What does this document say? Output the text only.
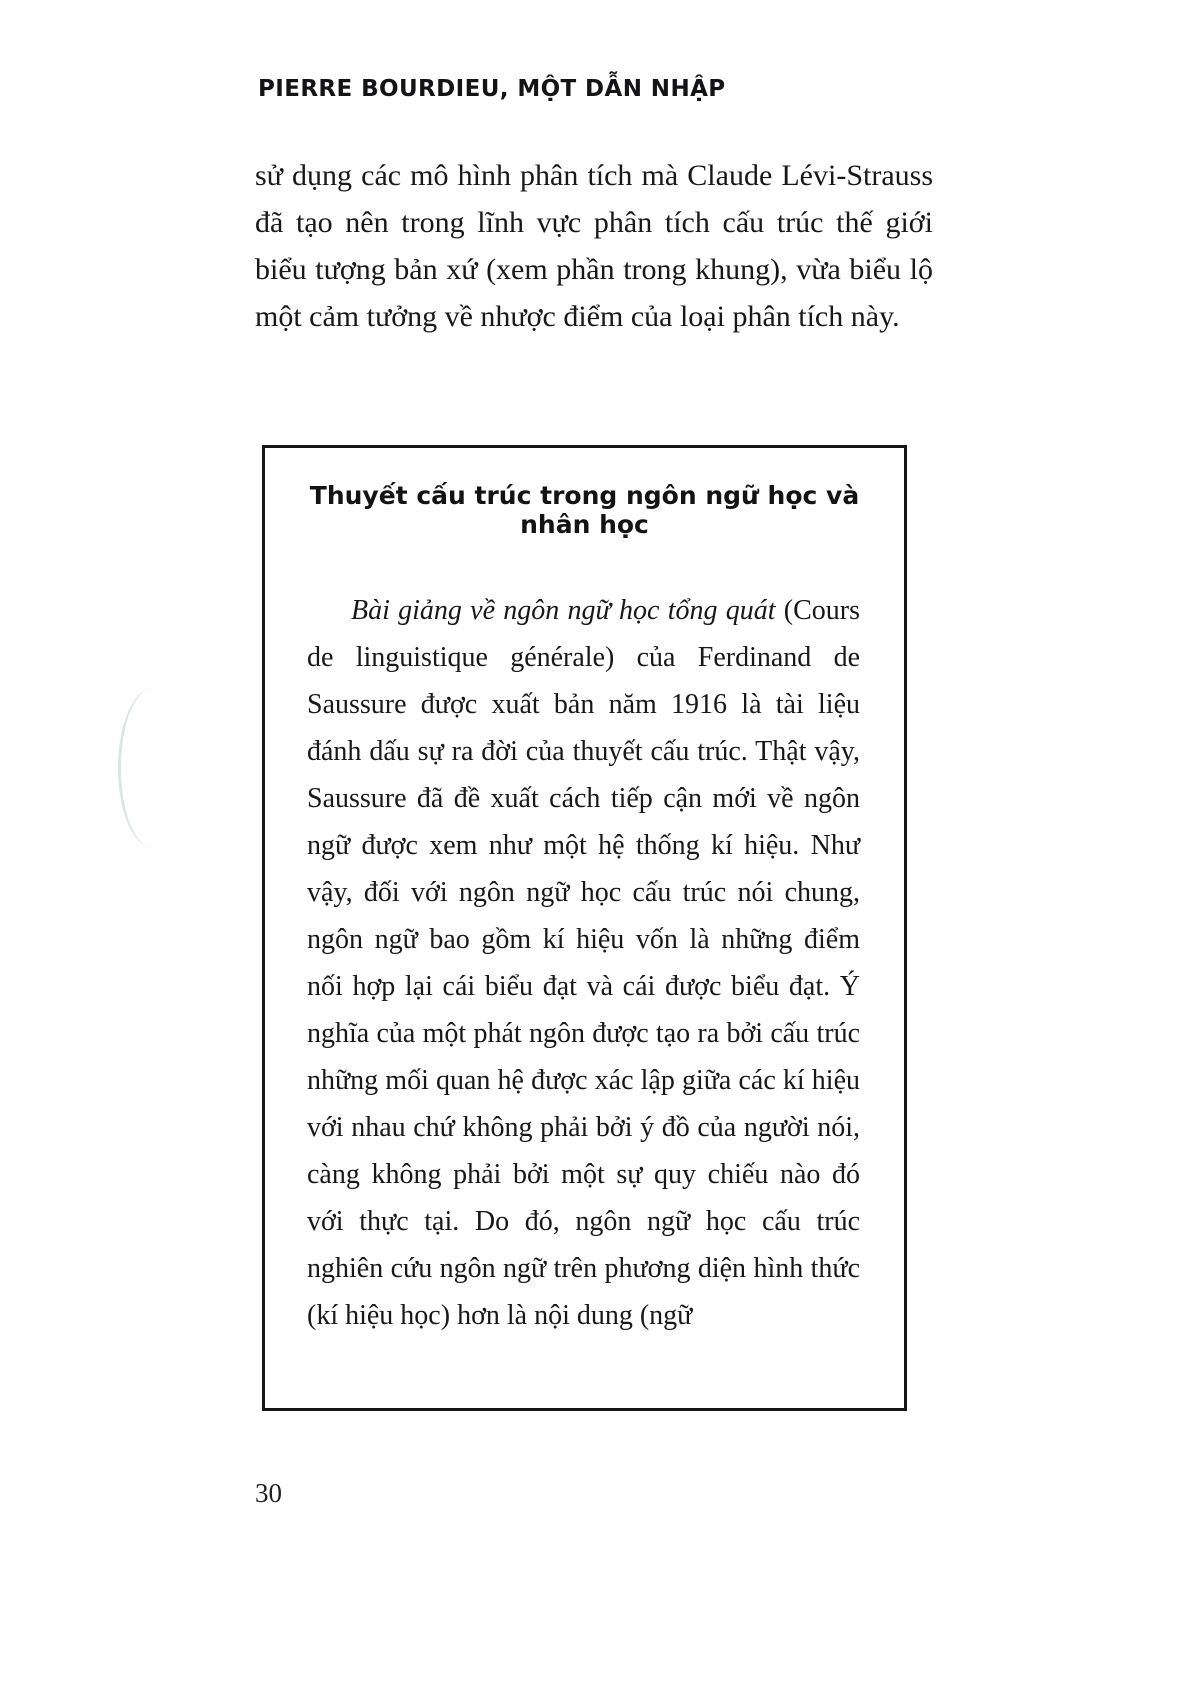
PIERRE BOURDIEU, MỘT DẪN NHẬP

sử dụng các mô hình phân tích mà Claude Lévi-Strauss đã tạo nên trong lĩnh vực phân tích cấu trúc thế giới biểu tượng bản xứ (xem phần trong khung), vừa biểu lộ một cảm tưởng về nhược điểm của loại phân tích này.

Thuyết cấu trúc trong ngôn ngữ học và nhân học

Bài giảng về ngôn ngữ học tổng quát (Cours de linguistique générale) của Ferdinand de Saussure được xuất bản năm 1916 là tài liệu đánh dấu sự ra đời của thuyết cấu trúc. Thật vậy, Saussure đã đề xuất cách tiếp cận mới về ngôn ngữ được xem như một hệ thống kí hiệu. Như vậy, đối với ngôn ngữ học cấu trúc nói chung, ngôn ngữ bao gồm kí hiệu vốn là những điểm nối hợp lại cái biểu đạt và cái được biểu đạt. Ý nghĩa của một phát ngôn được tạo ra bởi cấu trúc những mối quan hệ được xác lập giữa các kí hiệu với nhau chứ không phải bởi ý đồ của người nói, càng không phải bởi một sự quy chiếu nào đó với thực tại. Do đó, ngôn ngữ học cấu trúc nghiên cứu ngôn ngữ trên phương diện hình thức (kí hiệu học) hơn là nội dung (ngữ

30
